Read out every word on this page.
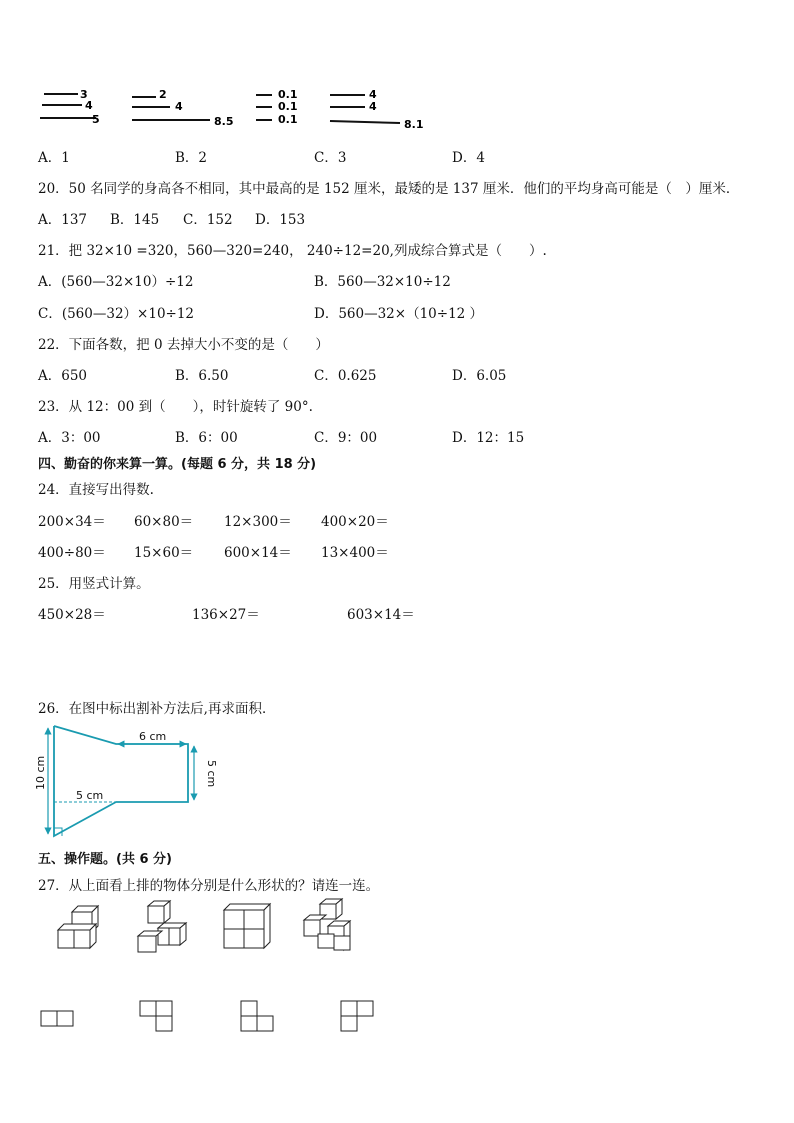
3
4
5
2
4
8.5
0.1
0.1
0.1
4
4
8.1
A．1	B．2	C．3	D．4
20．50 名同学的身高各不相同，其中最高的是 152 厘米，最矮的是 137 厘米．他们的平均身高可能是（　）厘米．
A．137 B．145 C．152 D．153
21．把 32×10 =320，560—320=240， 240÷12=20,列成综合算式是（　　）.
A．(560—32×10）÷12	B．560—32×10÷12
C．(560—32）×10÷12	D．560—32×（10÷12 ）
22．下面各数，把 0 去掉大小不变的是（　　）
A．650	B．6.50	C．0.625	D．6.05
23．从 12：00 到（　　），时针旋转了 90°.
A．3：00	B．6：00	C．9：00	D．12：15
四、勤奋的你来算一算。(每题 6 分，共 18 分)
24．直接写出得数.
200×34＝ 60×80＝ 12×300＝ 400×20＝
400÷80＝ 15×60＝ 600×14＝ 13×400＝
25．用竖式计算。
450×28＝	136×27＝	603×14＝
26．在图中标出割补方法后,再求面积．
6 cm
5 cm
10 cm	5 cm
五、操作题。(共 6 分)
27．从上面看上排的物体分别是什么形状的？请连一连。
